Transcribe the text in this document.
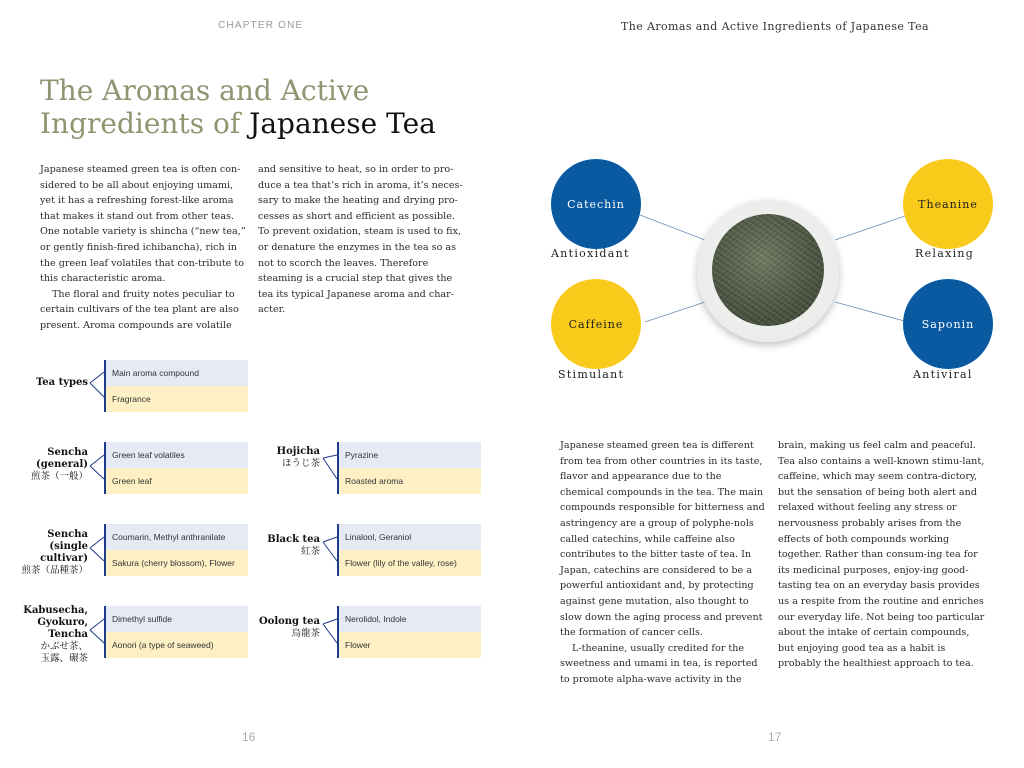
CHAPTER ONE	The Aromas and Active Ingredients of Japanese Tea
The Aromas and Active
Ingredients of Japanese Tea

Japanese steamed green tea is often con-sidered to be all about enjoying umami, yet it has a refreshing forest-like aroma that makes it stand out from other teas. One notable variety is shincha (“new tea,” or gently finish-fired ichibancha), rich in the green leaf volatiles that con-tribute to this characteristic aroma.

The floral and fruity notes peculiar to certain cultivars of the tea plant are also present. Aroma compounds are volatile

and sensitive to heat, so in order to pro-duce a tea that’s rich in aroma, it’s neces-sary to make the heating and drying pro-cesses as short and efficient as possible. To prevent oxidation, steam is used to fix, or denature the enzymes in the tea so as not to scorch the leaves. Therefore steaming is a crucial step that gives the tea its typical Japanese aroma and char-acter.

Tea types
Main aroma compound
Fragrance
Sencha
(general)
煎茶（一般）
Green leaf volatiles
Green leaf
Hojicha
ほうじ茶
Pyrazine
Roasted aroma
Sencha
(single
cultivar)
煎茶（品種茶）
Coumarin, Methyl anthranilate
Sakura (cherry blossom), Flower
Black tea
紅茶
Linalool, Geraniol
Flower (lily of the valley, rose)
Kabusecha,
Gyokuro,
Tencha
かぶせ茶、
玉露、碾茶
Dimethyl sulfide
Aonori (a type of seaweed)
Oolong tea
烏龍茶
Nerolidol, Indole
Flower
16	17
Catechin
Antioxidant
Theanine
Relaxing
Caffeine
Stimulant
Saponin
Antiviral

Japanese steamed green tea is different from tea from other countries in its taste, flavor and appearance due to the chemical compounds in the tea. The main compounds responsible for bitterness and astringency are a group of polyphe-nols called catechins, while caffeine also contributes to the bitter taste of tea. In Japan, catechins are considered to be a powerful antioxidant and, by protecting against gene mutation, also thought to slow down the aging process and prevent the formation of cancer cells.

L-theanine, usually credited for the sweetness and umami in tea, is reported to promote alpha-wave activity in the

brain, making us feel calm and peaceful. Tea also contains a well-known stimu-lant, caffeine, which may seem contra-dictory, but the sensation of being both alert and relaxed without feeling any stress or nervousness probably arises from the effects of both compounds working together. Rather than consum-ing tea for its medicinal purposes, enjoy-ing good-tasting tea on an everyday basis provides us a respite from the routine and enriches our everyday life. Not being too particular about the intake of certain compounds, but enjoying good tea as a habit is probably the healthiest approach to tea.
